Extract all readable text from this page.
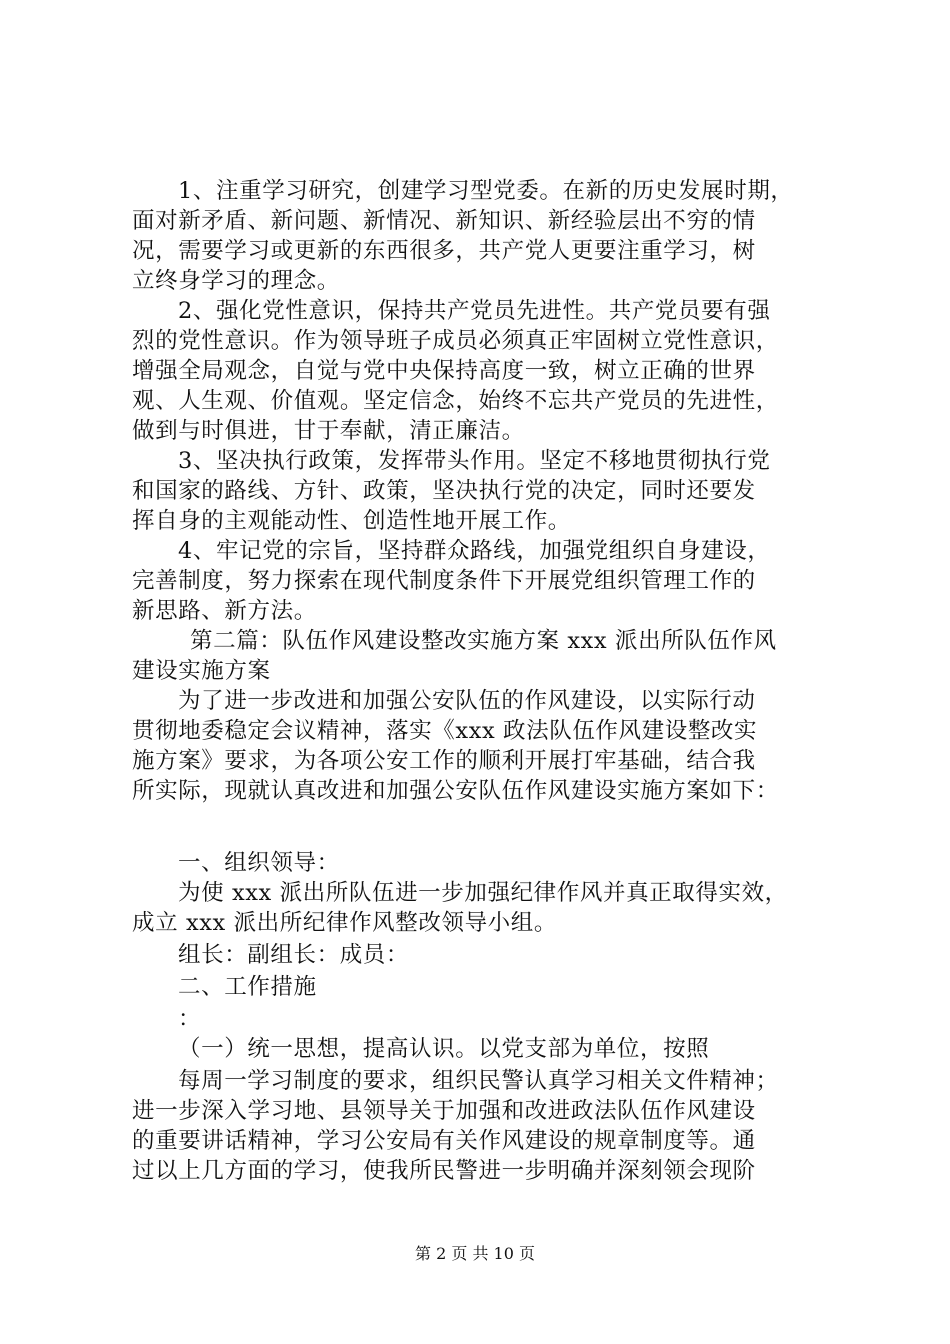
1、注重学习研究，创建学习型党委。在新的历史发展时期，
面对新矛盾、新问题、新情况、新知识、新经验层出不穷的情
况，需要学习或更新的东西很多，共产党人更要注重学习，树
立终身学习的理念。
2、强化党性意识，保持共产党员先进性。共产党员要有强
烈的党性意识。作为领导班子成员必须真正牢固树立党性意识，
增强全局观念，自觉与党中央保持高度一致，树立正确的世界
观、人生观、价值观。坚定信念，始终不忘共产党员的先进性，
做到与时俱进，甘于奉献，清正廉洁。
3、坚决执行政策，发挥带头作用。坚定不移地贯彻执行党
和国家的路线、方针、政策，坚决执行党的决定，同时还要发
挥自身的主观能动性、创造性地开展工作。
4、牢记党的宗旨，坚持群众路线，加强党组织自身建设，
完善制度，努力探索在现代制度条件下开展党组织管理工作的
新思路、新方法。
第二篇：队伍作风建设整改实施方案 xxx 派出所队伍作风
建设实施方案
为了进一步改进和加强公安队伍的作风建设，以实际行动
贯彻地委稳定会议精神，落实《xxx 政法队伍作风建设整改实
施方案》要求，为各项公安工作的顺利开展打牢基础，结合我
所实际，现就认真改进和加强公安队伍作风建设实施方案如下：
一、组织领导：
为使 xxx 派出所队伍进一步加强纪律作风并真正取得实效，
成立 xxx 派出所纪律作风整改领导小组。
组长：副组长：成员：
二、工作措施
：
（一）统一思想，提高认识。以党支部为单位，按照
每周一学习制度的要求，组织民警认真学习相关文件精神；
进一步深入学习地、县领导关于加强和改进政法队伍作风建设
的重要讲话精神，学习公安局有关作风建设的规章制度等。通
过以上几方面的学习，使我所民警进一步明确并深刻领会现阶
第 2 页 共 10 页
